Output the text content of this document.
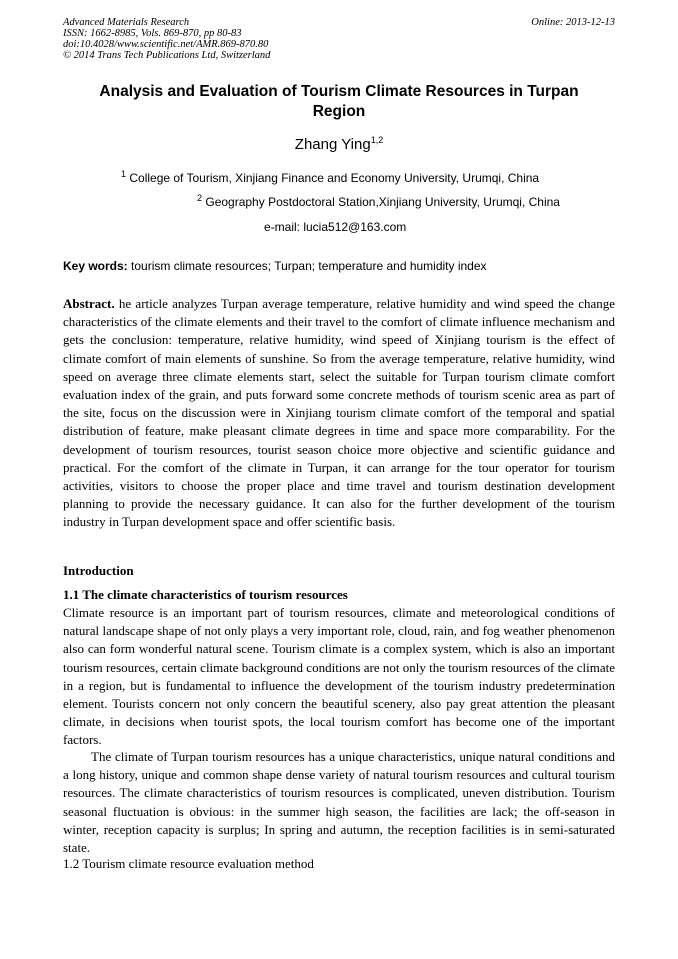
Advanced Materials Research
ISSN: 1662-8985, Vols. 869-870, pp 80-83
doi:10.4028/www.scientific.net/AMR.869-870.80
© 2014 Trans Tech Publications Ltd, Switzerland
Online: 2013-12-13
Analysis and Evaluation of Tourism Climate Resources in Turpan Region
Zhang Ying$^{1,2}$
$^1$ College of Tourism, Xinjiang Finance and Economy University, Urumqi, China
$^2$ Geography Postdoctoral Station,Xinjiang University, Urumqi, China
e-mail: lucia512@163.com
Key words: tourism climate resources; Turpan; temperature and humidity index
Abstract. he article analyzes Turpan average temperature, relative humidity and wind speed the change characteristics of the climate elements and their travel to the comfort of climate influence mechanism and gets the conclusion: temperature, relative humidity, wind speed of Xinjiang tourism is the effect of climate comfort of main elements of sunshine. So from the average temperature, relative humidity, wind speed on average three climate elements start, select the suitable for Turpan tourism climate comfort evaluation index of the grain, and puts forward some concrete methods of tourism scenic area as part of the site, focus on the discussion were in Xinjiang tourism climate comfort of the temporal and spatial distribution of feature, make pleasant climate degrees in time and space more comparability. For the development of tourism resources, tourist season choice more objective and scientific guidance and practical. For the comfort of the climate in Turpan, it can arrange for the tour operator for tourism activities, visitors to choose the proper place and time travel and tourism destination development planning to provide the necessary guidance. It can also for the further development of the tourism industry in Turpan development space and offer scientific basis.
Introduction
1.1 The climate characteristics of tourism resources
Climate resource is an important part of tourism resources, climate and meteorological conditions of natural landscape shape of not only plays a very important role, cloud, rain, and fog weather phenomenon also can form wonderful natural scene. Tourism climate is a complex system, which is also an important tourism resources, certain climate background conditions are not only the tourism resources of the climate in a region, but is fundamental to influence the development of the tourism industry predetermination element. Tourists concern not only concern the beautiful scenery, also pay great attention the pleasant climate, in decisions when tourist spots, the local tourism comfort has become one of the important factors.
The climate of Turpan tourism resources has a unique characteristics, unique natural conditions and a long history, unique and common shape dense variety of natural tourism resources and cultural tourism resources. The climate characteristics of tourism resources is complicated, uneven distribution. Tourism seasonal fluctuation is obvious: in the summer high season, the facilities are lack; the off-season in winter, reception capacity is surplus; In spring and autumn, the reception facilities is in semi-saturated state.
1.2 Tourism climate resource evaluation method
